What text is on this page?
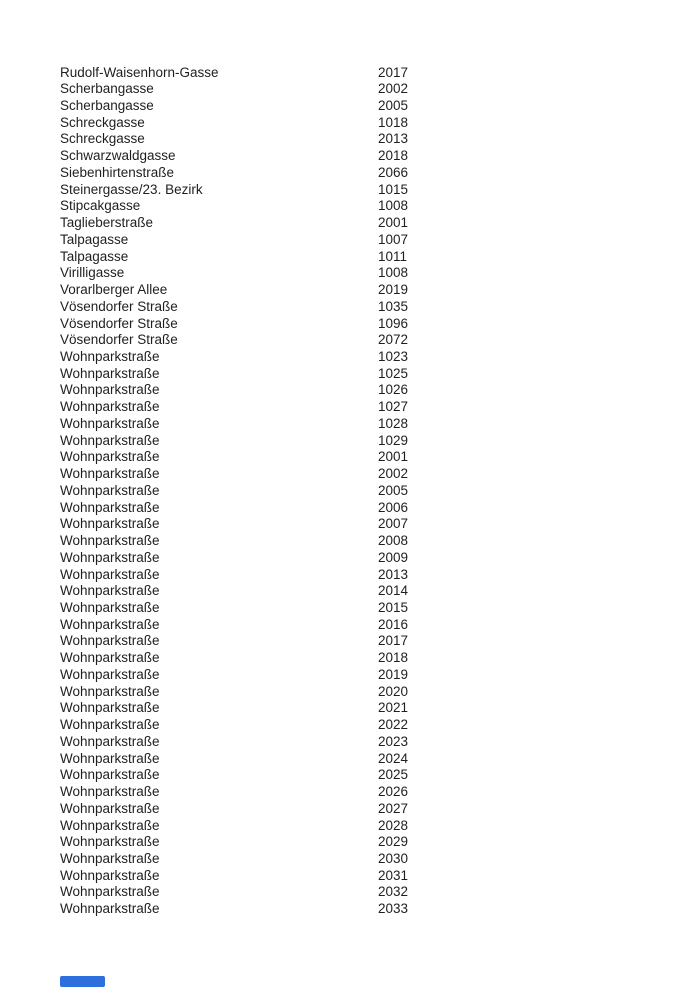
Rudolf-Waisenhorn-Gasse	2017
Scherbangasse	2002
Scherbangasse	2005
Schreckgasse	1018
Schreckgasse	2013
Schwarzwaldgasse	2018
Siebenhirtenstraße	2066
Steinergasse/23. Bezirk	1015
Stipcakgasse	1008
Taglieberstraße	2001
Talpagasse	1007
Talpagasse	1011
Virilligasse	1008
Vorarlberger Allee	2019
Vösendorfer Straße	1035
Vösendorfer Straße	1096
Vösendorfer Straße	2072
Wohnparkstraße	1023
Wohnparkstraße	1025
Wohnparkstraße	1026
Wohnparkstraße	1027
Wohnparkstraße	1028
Wohnparkstraße	1029
Wohnparkstraße	2001
Wohnparkstraße	2002
Wohnparkstraße	2005
Wohnparkstraße	2006
Wohnparkstraße	2007
Wohnparkstraße	2008
Wohnparkstraße	2009
Wohnparkstraße	2013
Wohnparkstraße	2014
Wohnparkstraße	2015
Wohnparkstraße	2016
Wohnparkstraße	2017
Wohnparkstraße	2018
Wohnparkstraße	2019
Wohnparkstraße	2020
Wohnparkstraße	2021
Wohnparkstraße	2022
Wohnparkstraße	2023
Wohnparkstraße	2024
Wohnparkstraße	2025
Wohnparkstraße	2026
Wohnparkstraße	2027
Wohnparkstraße	2028
Wohnparkstraße	2029
Wohnparkstraße	2030
Wohnparkstraße	2031
Wohnparkstraße	2032
Wohnparkstraße	2033
